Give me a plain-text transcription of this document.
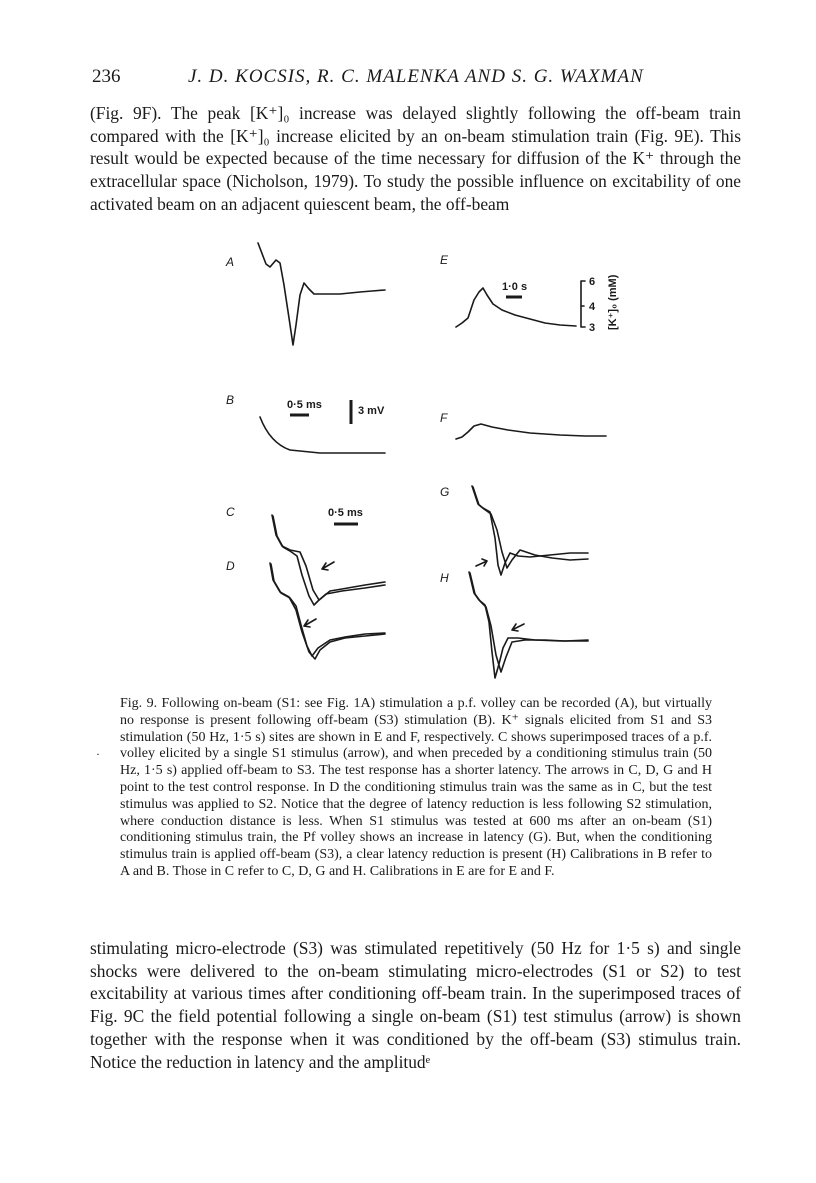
236	J. D. KOCSIS, R. C. MALENKA AND S. G. WAXMAN

(Fig. 9F). The peak [K⁺]₀ increase was delayed slightly following the off-beam train compared with the [K⁺]₀ increase elicited by an on-beam stimulation train (Fig. 9E). This result would be expected because of the time necessary for diffusion of the K⁺ through the extracellular space (Nicholson, 1979). To study the possible influence on excitability of one activated beam on an adjacent quiescent beam, the off-beam

A
B
C
D
E
F
G
H
0·5 ms	3 mV
0·5 ms
1·0 s	6
4
3 [K⁺]₀ (mM)

Fig. 9. Following on-beam (S1: see Fig. 1A) stimulation a p.f. volley can be recorded (A), but virtually no response is present following off-beam (S3) stimulation (B). K⁺ signals elicited from S1 and S3 stimulation (50 Hz, 1·5 s) sites are shown in E and F, respectively. C shows superimposed traces of a p.f. volley elicited by a single S1 stimulus (arrow), and when preceded by a conditioning stimulus train (50 Hz, 1·5 s) applied off-beam to S3. The test response has a shorter latency. The arrows in C, D, G and H point to the test control response. In D the conditioning stimulus train was the same as in C, but the test stimulus was applied to S2. Notice that the degree of latency reduction is less following S2 stimulation, where conduction distance is less. When S1 stimulus was tested at 600 ms after an on-beam (S1) conditioning stimulus train, the Pf volley shows an increase in latency (G). But, when the conditioning stimulus train is applied off-beam (S3), a clear latency reduction is present (H) Calibrations in B refer to A and B. Those in C refer to C, D, G and H. Calibrations in E are for E and F.

·

stimulating micro-electrode (S3) was stimulated repetitively (50 Hz for 1·5 s) and single shocks were delivered to the on-beam stimulating micro-electrodes (S1 or S2) to test excitability at various times after conditioning off-beam train. In the superimposed traces of Fig. 9C the field potential following a single on-beam (S1) test stimulus (arrow) is shown together with the response when it was conditioned by the off-beam (S3) stimulus train. Notice the reduction in latency and the amplitudᵉ
